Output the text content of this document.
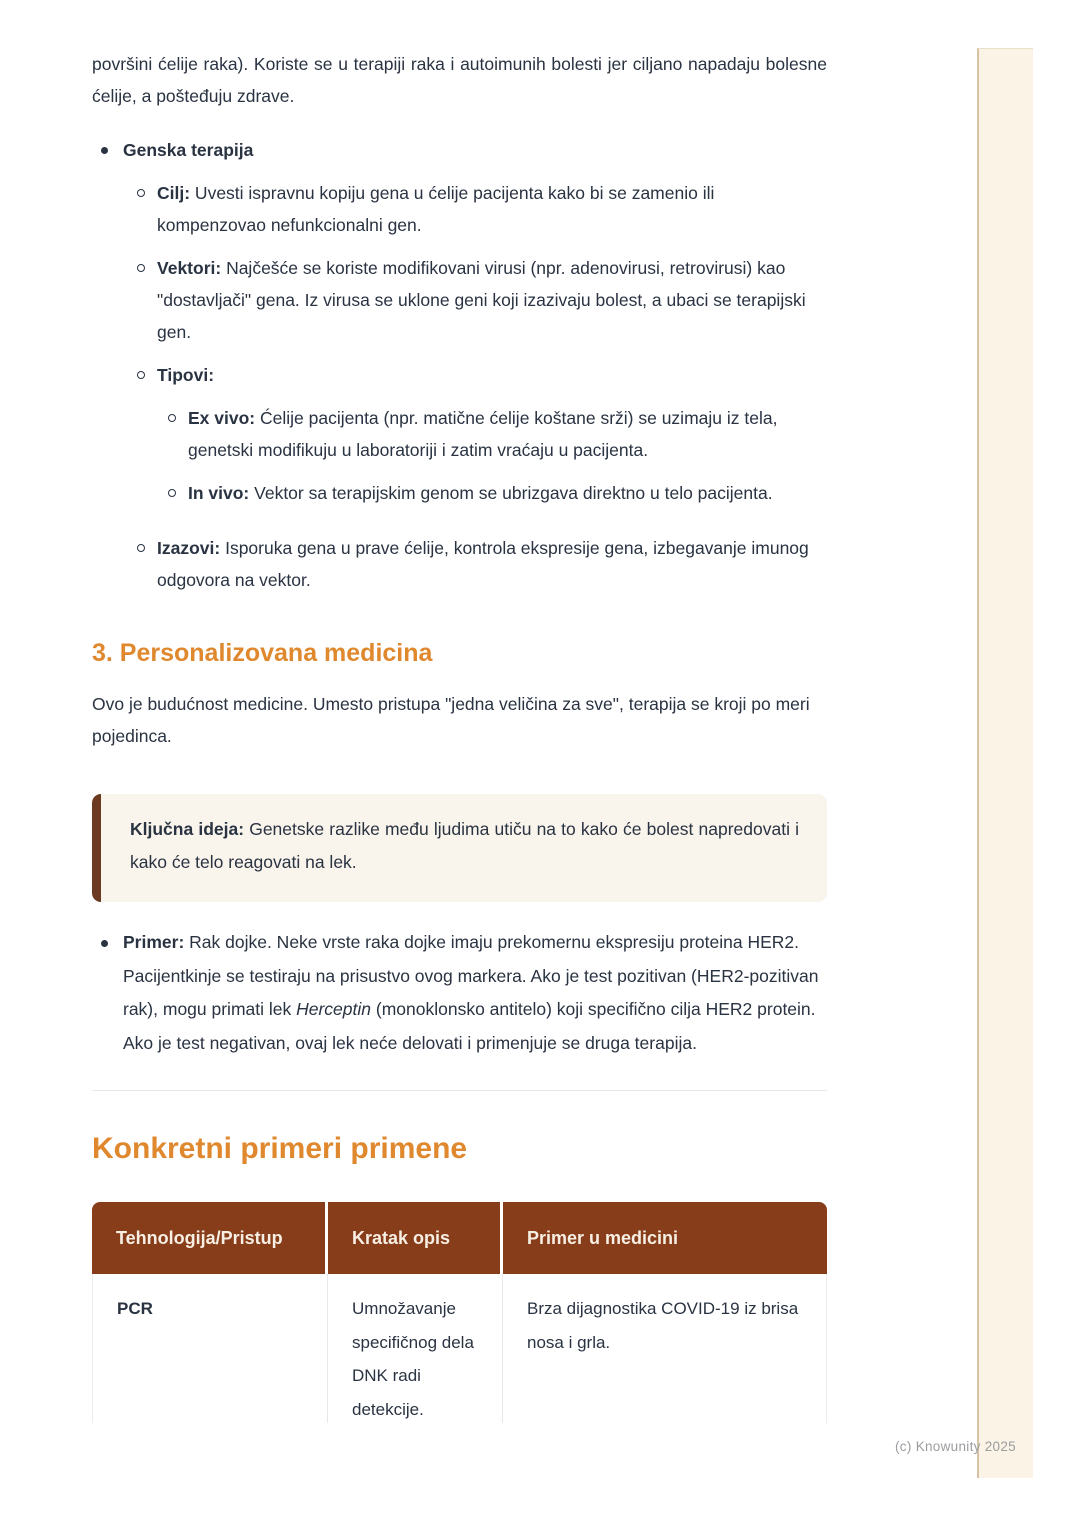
površini ćelije raka). Koriste se u terapiji raka i autoimunih bolesti jer ciljano napadaju bolesne ćelije, a pošteđuju zdrave.

Genska terapija
Cilj: Uvesti ispravnu kopiju gena u ćelije pacijenta kako bi se zamenio ili kompenzovao nefunkcionalni gen.
Vektori: Najčešće se koriste modifikovani virusi (npr. adenovirusi, retrovirusi) kao "dostavljači" gena. Iz virusa se uklone geni koji izazivaju bolest, a ubaci se terapijski gen.
Tipovi:
Ex vivo: Ćelije pacijenta (npr. matične ćelije koštane srži) se uzimaju iz tela, genetski modifikuju u laboratoriji i zatim vraćaju u pacijenta.
In vivo: Vektor sa terapijskim genom se ubrizgava direktno u telo pacijenta.
Izazovi: Isporuka gena u prave ćelije, kontrola ekspresije gena, izbegavanje imunog odgovora na vektor.
3. Personalizovana medicina

Ovo je budućnost medicine. Umesto pristupa "jedna veličina za sve", terapija se kroji po meri pojedinca.

Ključna ideja: Genetske razlike među ljudima utiču na to kako će bolest napredovati i kako će telo reagovati na lek.

Primer: Rak dojke. Neke vrste raka dojke imaju prekomernu ekspresiju proteina HER2. Pacijentkinje se testiraju na prisustvo ovog markera. Ako je test pozitivan (HER2-pozitivan rak), mogu primati lek Herceptin (monoklonsko antitelo) koji specifično cilja HER2 protein. Ako je test negativan, ovaj lek neće delovati i primenjuje se druga terapija.
Konkretni primeri primene
Tehnologija/Pristup	Kratak opis	Primer u medicini
PCR	Umnožavanje specifičnog dela DNK radi detekcije.	Brza dijagnostika COVID-19 iz brisa nosa i grla.
(c) Knowunity 2025
